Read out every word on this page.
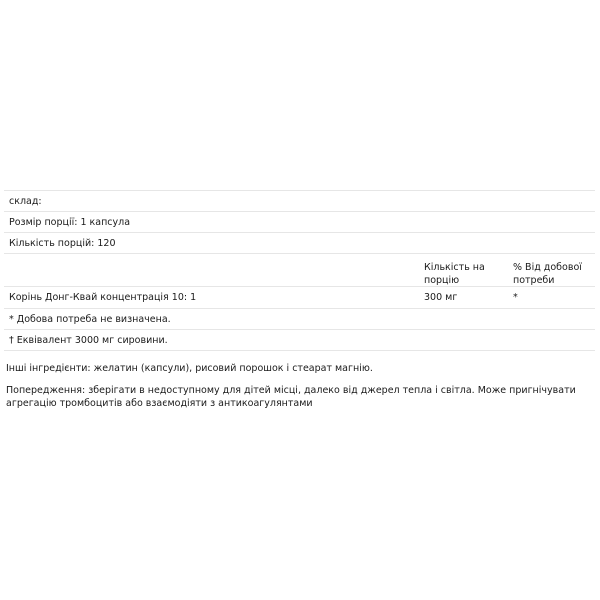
склад:
Розмір порції: 1 капсула
Кількість порцій: 120
Кількість на порцію
% Від добової потреби
Корінь Донг-Квай концентрація 10: 1	300 мг	*
* Добова потреба не визначена.
† Еквівалент 3000 мг сировини.
Інші інгредієнти: желатин (капсули), рисовий порошок і стеарат магнію.
Попередження: зберігати в недоступному для дітей місці, далеко від джерел тепла і світла. Може пригнічувати агрегацію тромбоцитів або взаємодіяти з антикоагулянтами
